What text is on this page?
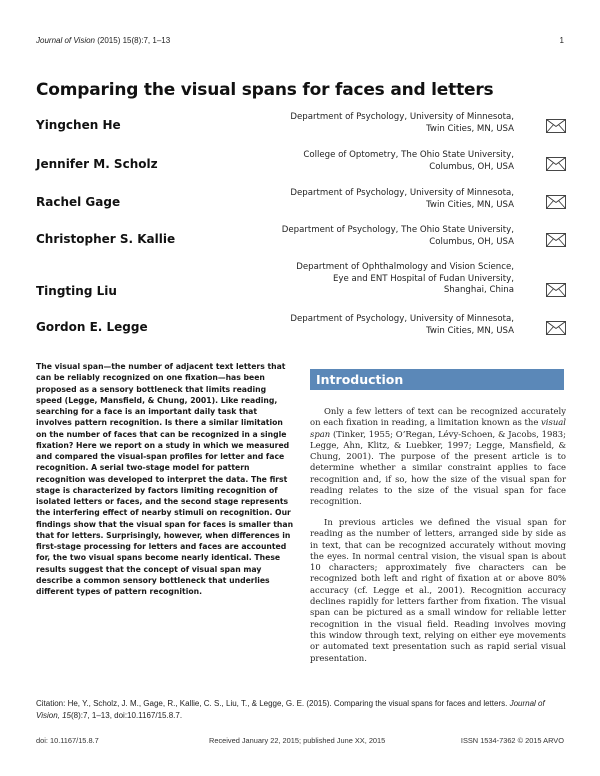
Journal of Vision (2015) 15(8):7, 1–13	1
Comparing the visual spans for faces and letters
Yingchen He
Department of Psychology, University of Minnesota,
Twin Cities, MN, USA
Jennifer M. Scholz
College of Optometry, The Ohio State University,
Columbus, OH, USA
Rachel Gage
Department of Psychology, University of Minnesota,
Twin Cities, MN, USA
Christopher S. Kallie
Department of Psychology, The Ohio State University,
Columbus, OH, USA
Tingting Liu
Department of Ophthalmology and Vision Science,
Eye and ENT Hospital of Fudan University,
Shanghai, China
Gordon E. Legge
Department of Psychology, University of Minnesota,
Twin Cities, MN, USA

The visual span—the number of adjacent text letters that can be reliably recognized on one fixation—has been proposed as a sensory bottleneck that limits reading speed (Legge, Mansfield, & Chung, 2001). Like reading, searching for a face is an important daily task that involves pattern recognition. Is there a similar limitation on the number of faces that can be recognized in a single fixation? Here we report on a study in which we measured and compared the visual-span profiles for letter and face recognition. A serial two-stage model for pattern recognition was developed to interpret the data. The first stage is characterized by factors limiting recognition of isolated letters or faces, and the second stage represents the interfering effect of nearby stimuli on recognition. Our findings show that the visual span for faces is smaller than that for letters. Surprisingly, however, when differences in first-stage processing for letters and faces are accounted for, the two visual spans become nearly identical. These results suggest that the concept of visual span may describe a common sensory bottleneck that underlies different types of pattern recognition.

Introduction

Only a few letters of text can be recognized accurately on each fixation in reading, a limitation known as the visual span (Tinker, 1955; O’Regan, Lévy-Schoen, & Jacobs, 1983; Legge, Ahn, Klitz, & Luebker, 1997; Legge, Mansfield, & Chung, 2001). The purpose of the present article is to determine whether a similar constraint applies to face recognition and, if so, how the size of the visual span for reading relates to the size of the visual span for face recognition.

In previous articles we defined the visual span for reading as the number of letters, arranged side by side as in text, that can be recognized accurately without moving the eyes. In normal central vision, the visual span is about 10 characters; approximately five characters can be recognized both left and right of fixation at or above 80% accuracy (cf. Legge et al., 2001). Recognition accuracy declines rapidly for letters farther from fixation. The visual span can be pictured as a small window for reliable letter recognition in the visual field. Reading involves moving this window through text, relying on either eye movements or automated text presentation such as rapid serial visual presentation.

Citation: He, Y., Scholz, J. M., Gage, R., Kallie, C. S., Liu, T., & Legge, G. E. (2015). Comparing the visual spans for faces and letters. Journal of Vision, 15(8):7, 1–13, doi:10.1167/15.8.7.

doi: 10.1167/15.8.7	Received January 22, 2015; published June XX, 2015	ISSN 1534-7362 © 2015 ARVO
